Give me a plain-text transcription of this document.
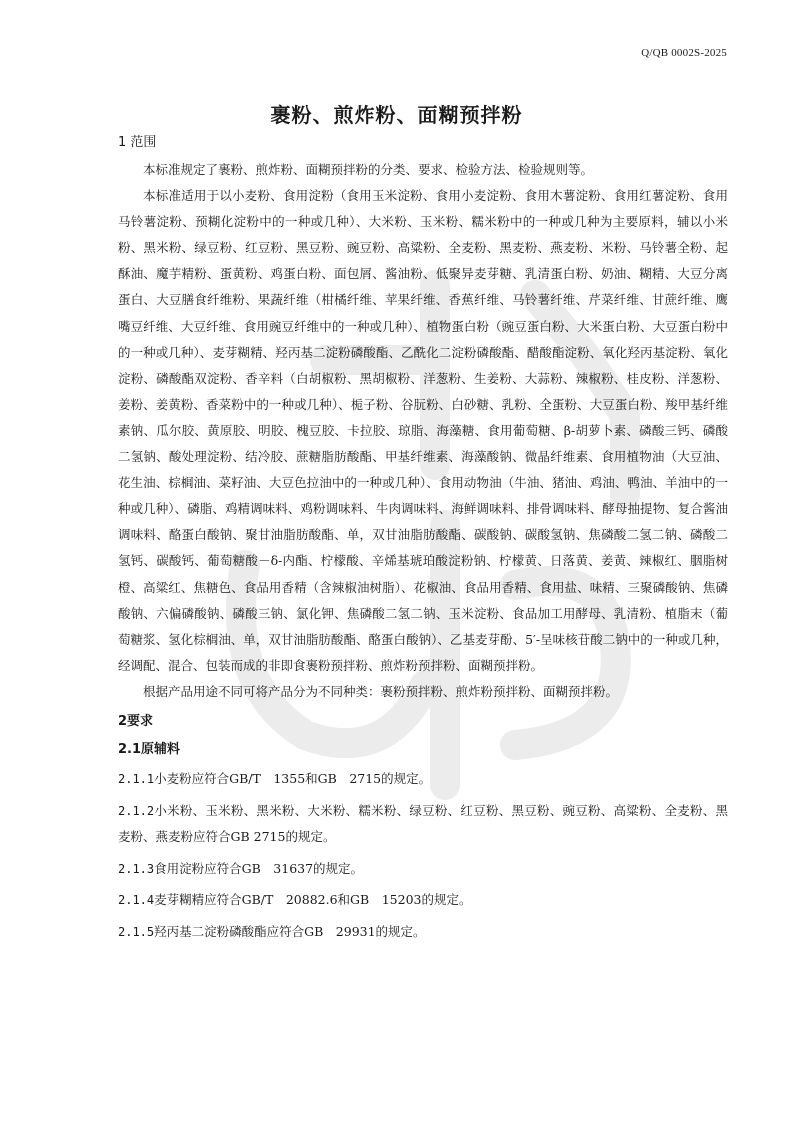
Q/QB 0002S-2025
裹粉、煎炸粉、面糊预拌粉
1 范围

本标准规定了裹粉、煎炸粉、面糊预拌粉的分类、要求、检验方法、检验规则等。

本标准适用于以小麦粉、食用淀粉（食用玉米淀粉、食用小麦淀粉、食用木薯淀粉、食用红薯淀粉、食用马铃薯淀粉、预糊化淀粉中的一种或几种）、大米粉、玉米粉、糯米粉中的一种或几种为主要原料，辅以小米粉、黑米粉、绿豆粉、红豆粉、黑豆粉、豌豆粉、高粱粉、全麦粉、黑麦粉、燕麦粉、米粉、马铃薯全粉、起酥油、魔芋精粉、蛋黄粉、鸡蛋白粉、面包屑、酱油粉、低聚异麦芽糖、乳清蛋白粉、奶油、糊精、大豆分离蛋白、大豆膳食纤维粉、果蔬纤维（柑橘纤维、苹果纤维、香蕉纤维、马铃薯纤维、芹菜纤维、甘蔗纤维、鹰嘴豆纤维、大豆纤维、食用豌豆纤维中的一种或几种）、植物蛋白粉（豌豆蛋白粉、大米蛋白粉、大豆蛋白粉中的一种或几种）、麦芽糊精、羟丙基二淀粉磷酸酯、乙酰化二淀粉磷酸酯、醋酸酯淀粉、氧化羟丙基淀粉、氧化淀粉、磷酸酯双淀粉、香辛料（白胡椒粉、黑胡椒粉、洋葱粉、生姜粉、大蒜粉、辣椒粉、桂皮粉、洋葱粉、姜粉、姜黄粉、香菜粉中的一种或几种）、栀子粉、谷朊粉、白砂糖、乳粉、全蛋粉、大豆蛋白粉、羧甲基纤维素钠、瓜尔胶、黄原胶、明胶、槐豆胶、卡拉胶、琼脂、海藻糖、食用葡萄糖、β-胡萝卜素、磷酸三钙、磷酸二氢钠、酸处理淀粉、结冷胶、蔗糖脂肪酸酯、甲基纤维素、海藻酸钠、微晶纤维素、食用植物油（大豆油、花生油、棕榈油、菜籽油、大豆色拉油中的一种或几种）、食用动物油（牛油、猪油、鸡油、鸭油、羊油中的一种或几种）、磷脂、鸡精调味料、鸡粉调味料、牛肉调味料、海鲜调味料、排骨调味料、酵母抽提物、复合酱油调味料、酪蛋白酸钠、聚甘油脂肪酸酯、单，双甘油脂肪酸酯、碳酸钠、碳酸氢钠、焦磷酸二氢二钠、磷酸二氢钙、碳酸钙、葡萄糖酸－δ-内酯、柠檬酸、辛烯基琥珀酸淀粉钠、柠檬黄、日落黄、姜黄、辣椒红、胭脂树橙、高粱红、焦糖色、食品用香精（含辣椒油树脂）、花椒油、食品用香精、食用盐、味精、三聚磷酸钠、焦磷酸钠、六偏磷酸钠、磷酸三钠、氯化钾、焦磷酸二氢二钠、玉米淀粉、食品加工用酵母、乳清粉、植脂末（葡萄糖浆、氢化棕榈油、单，双甘油脂肪酸酯、酪蛋白酸钠）、乙基麦芽酚、5′-呈味核苷酸二钠中的一种或几种，经调配、混合、包装而成的非即食裹粉预拌粉、煎炸粉预拌粉、面糊预拌粉。

根据产品用途不同可将产品分为不同种类：裹粉预拌粉、煎炸粉预拌粉、面糊预拌粉。

2要求
2.1原辅料
2.1.1小麦粉应符合GB/T　1355和GB　2715的规定。
2.1.2小米粉、玉米粉、黑米粉、大米粉、糯米粉、绿豆粉、红豆粉、黑豆粉、豌豆粉、高粱粉、全麦粉、黑麦粉、燕麦粉应符合GB 2715的规定。
2.1.3食用淀粉应符合GB　31637的规定。
2.1.4麦芽糊精应符合GB/T　20882.6和GB　15203的规定。
2.1.5羟丙基二淀粉磷酸酯应符合GB　29931的规定。
